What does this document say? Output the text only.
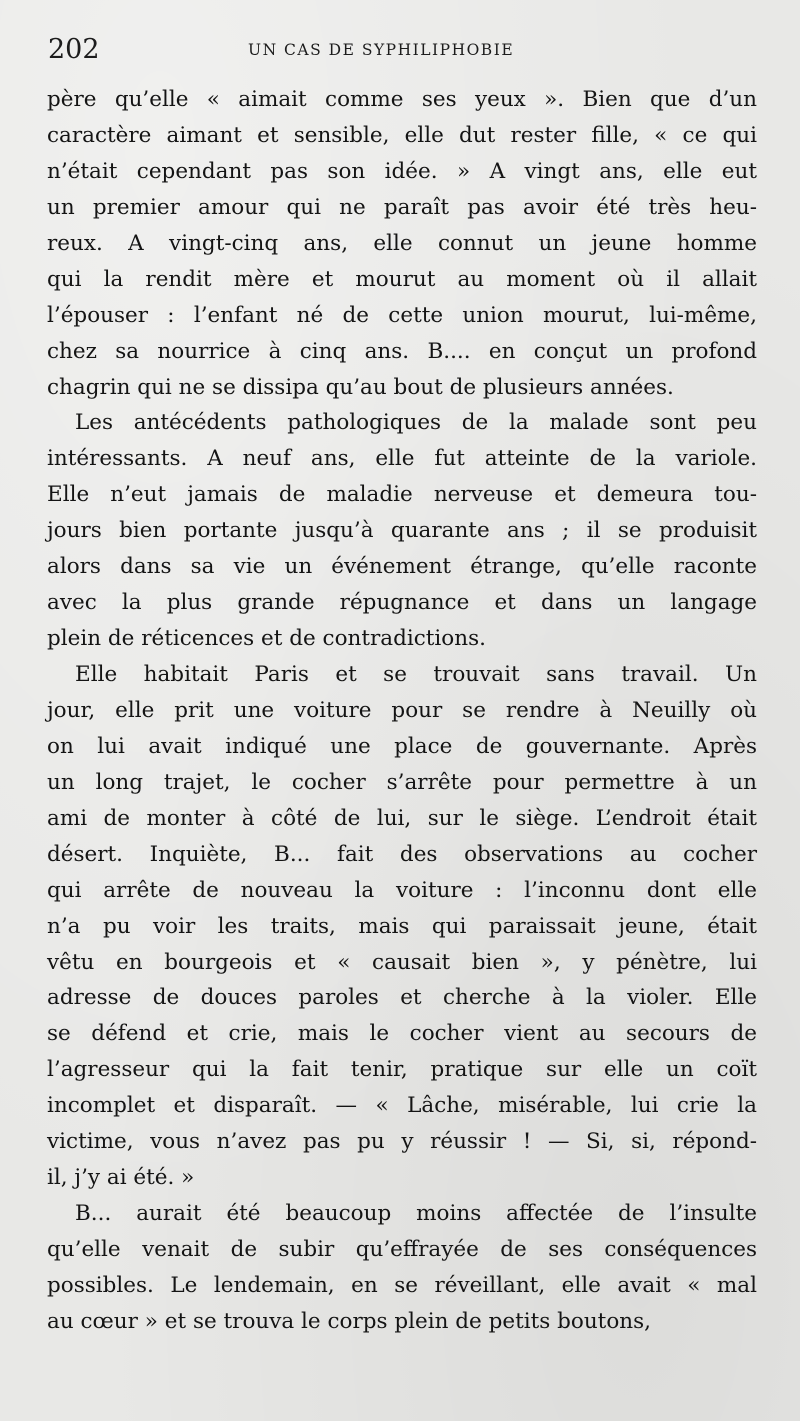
202	UN CAS DE SYPHILIPHOBIE
père qu’elle « aimait comme ses yeux ». Bien que d’un
caractère aimant et sensible, elle dut rester fille, « ce qui
n’était cependant pas son idée. » A vingt ans, elle eut
un premier amour qui ne paraît pas avoir été très heu-
reux. A vingt-cinq ans, elle connut un jeune homme
qui la rendit mère et mourut au moment où il allait
l’épouser : l’enfant né de cette union mourut, lui-même,
chez sa nourrice à cinq ans. B.... en conçut un profond
chagrin qui ne se dissipa qu’au bout de plusieurs années.
Les antécédents pathologiques de la malade sont peu
intéressants. A neuf ans, elle fut atteinte de la variole.
Elle n’eut jamais de maladie nerveuse et demeura tou-
jours bien portante jusqu’à quarante ans ; il se produisit
alors dans sa vie un événement étrange, qu’elle raconte
avec la plus grande répugnance et dans un langage
plein de réticences et de contradictions.
Elle habitait Paris et se trouvait sans travail. Un
jour, elle prit une voiture pour se rendre à Neuilly où
on lui avait indiqué une place de gouvernante. Après
un long trajet, le cocher s’arrête pour permettre à un
ami de monter à côté de lui, sur le siège. L’endroit était
désert. Inquiète, B... fait des observations au cocher
qui arrête de nouveau la voiture : l’inconnu dont elle
n’a pu voir les traits, mais qui paraissait jeune, était
vêtu en bourgeois et « causait bien », y pénètre, lui
adresse de douces paroles et cherche à la violer. Elle
se défend et crie, mais le cocher vient au secours de
l’agresseur qui la fait tenir, pratique sur elle un coït
incomplet et disparaît. — « Lâche, misérable, lui crie la
victime, vous n’avez pas pu y réussir ! — Si, si, répond-
il, j’y ai été. »
B... aurait été beaucoup moins affectée de l’insulte
qu’elle venait de subir qu’effrayée de ses conséquences
possibles. Le lendemain, en se réveillant, elle avait « mal
au cœur » et se trouva le corps plein de petits boutons,
